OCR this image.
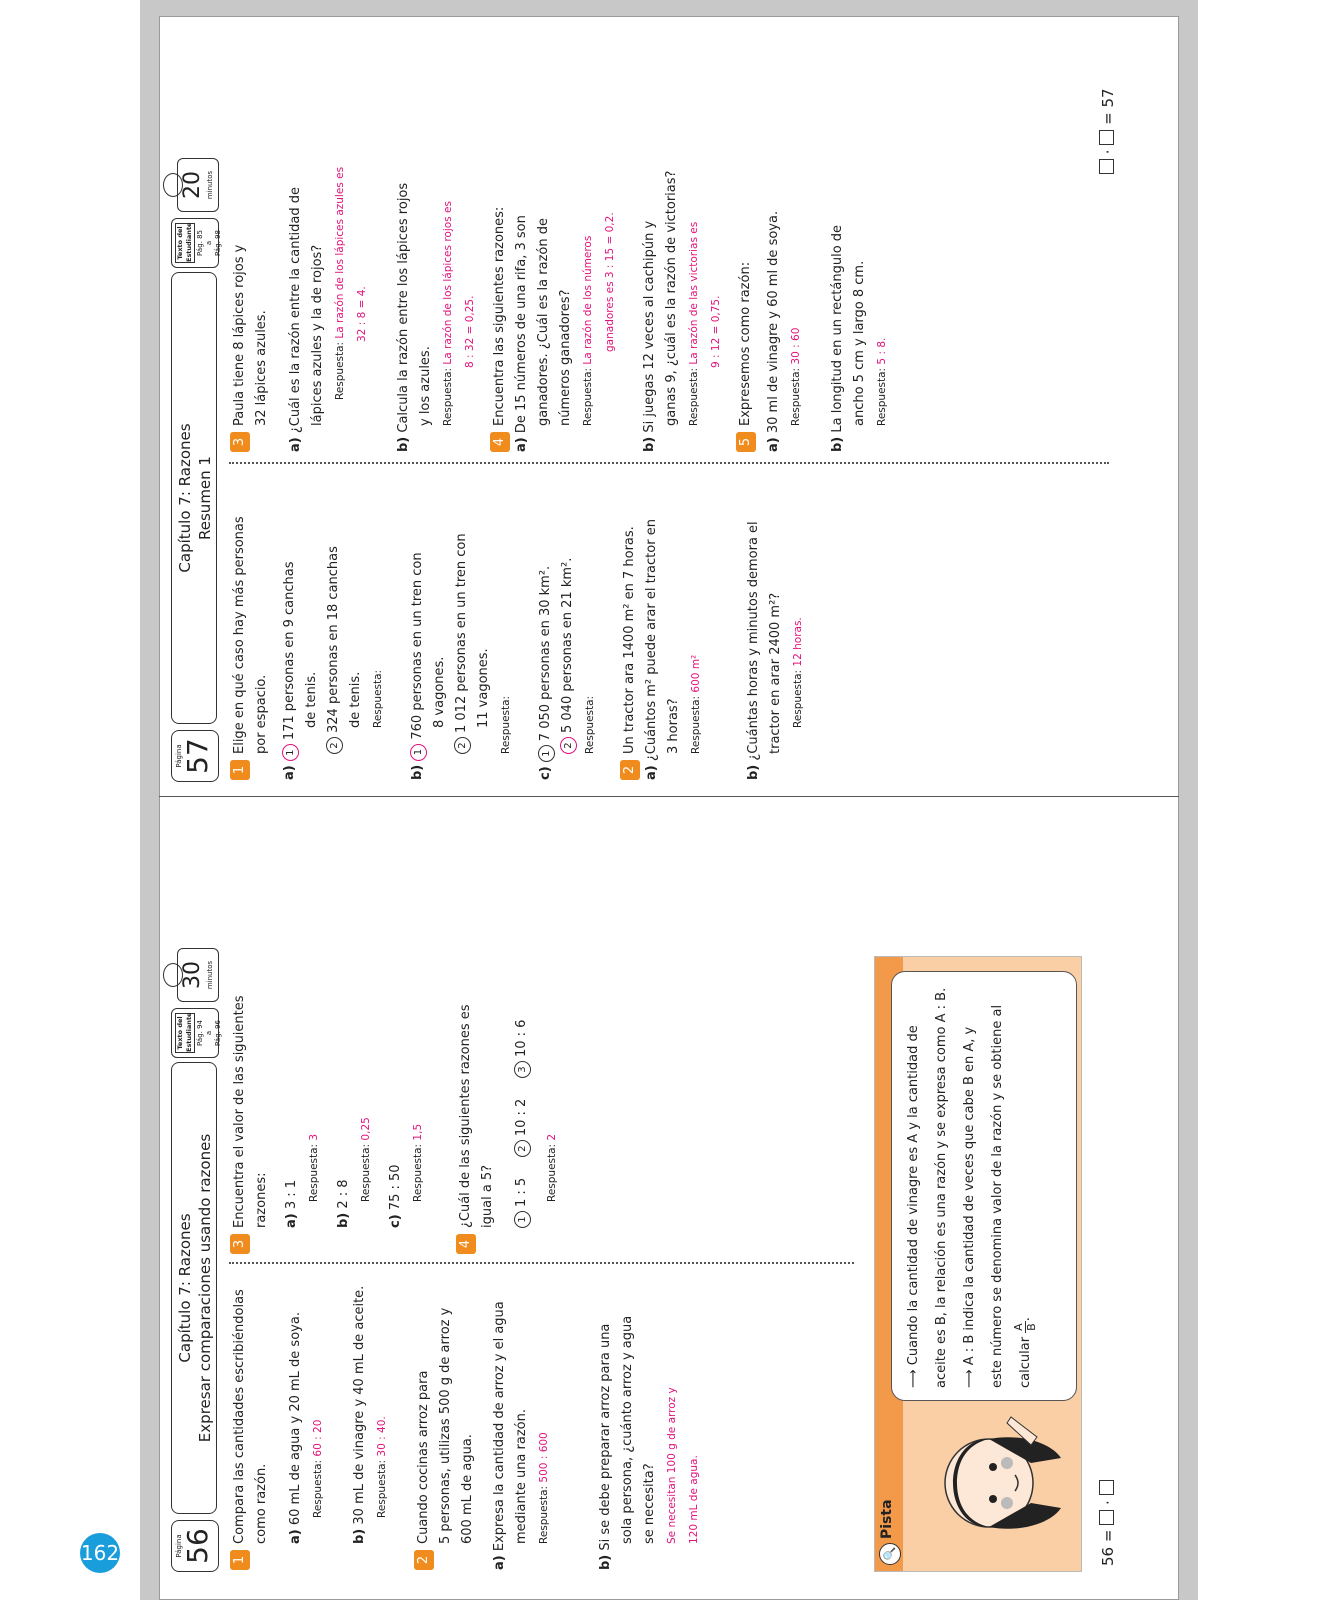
162	Página
56
Capítulo 7: Razones Expresar comparaciones usando razones
Texto del Estudiante Pág. 94 a Pág. 96
30 minutos
1Compara las cantidades escribiéndolas como razón.	a) 60 mL de agua y 20 mL de soya. Respuesta: 60 : 20
b) 30 mL de vinagre y 40 mL de aceite. Respuesta: 30 : 40.
2Cuando cocinas arroz para 5 personas, utilizas 500 g de arroz y 600 mL de agua.
a) Expresa la cantidad de arroz y el agua mediante una razón. Respuesta: 500 : 600
b) Si se debe preparar arroz para una sola persona, ¿cuánto arroz y agua se necesita? Se necesitan 100 g de arroz y 120 mL de agua.
3Encuentra el valor de las siguientes razones:	a) 3 : 1 Respuesta: 3
b) 2 : 8 Respuesta: 0,25
c) 75 : 50 Respuesta: 1,5
4¿Cuál de las siguientes razones es igual a 5?	11 : 5     210 : 2     310 : 6
Respuesta: 2
🔍
Pista
⟶ Cuando la cantidad de vinagre es A y la cantidad de	aceite es B, la relación es una razón y se expresa como A : B.	⟶ A : B indica la cantidad de veces que cabe B en A, y	este número se denomina valor de la razón y se obtiene al	calcular
A B
.
56 =  ·
Página
57
Capítulo 7: Razones Resumen 1
Texto del Estudiante Pág. 85 a Pág. 98
20 minutos
1Elige en qué caso hay más personas por espacio.
a) 1171 personas en 9 canchas de tenis.
2324 personas en 18 canchas de tenis. Respuesta:
b) 1760 personas en un tren con 8 vagones.
21 012 personas en un tren con 11 vagones. Respuesta:
c) 17 050 personas en 30 km².
25 040 personas en 21 km². Respuesta:
2Un tractor ara 1400 m² en 7 horas.
a) ¿Cuántos m² puede arar el tractor en 3 horas? Respuesta: 600 m²
b) ¿Cuántas horas y minutos demora el tractor en arar 2400 m²? Respuesta: 12 horas.
3Paula tiene 8 lápices rojos y 32 lápices azules.
a) ¿Cuál es la razón entre la cantidad de lápices azules y la de rojos? Respuesta: La razón de los lápices azules es 32 : 8 = 4.
b) Calcula la razón entre los lápices rojos y los azules. Respuesta: La razón de los lápices rojos es 8 : 32 = 0,25.
4Encuentra las siguientes razones:
a) De 15 números de una rifa, 3 son ganadores. ¿Cuál es la razón de números ganadores? Respuesta: La razón de los números ganadores es 3 : 15 = 0,2.
b) Si juegas 12 veces al cachipún y ganas 9, ¿cuál es la razón de victorias? Respuesta: La razón de las victorias es 9 : 12 = 0,75.
5Expresemos como razón:
a) 30 ml de vinagre y 60 ml de soya. Respuesta: 30 : 60
b) La longitud en un rectángulo de ancho 5 cm y largo 8 cm. Respuesta: 5 : 8.
·  = 57
